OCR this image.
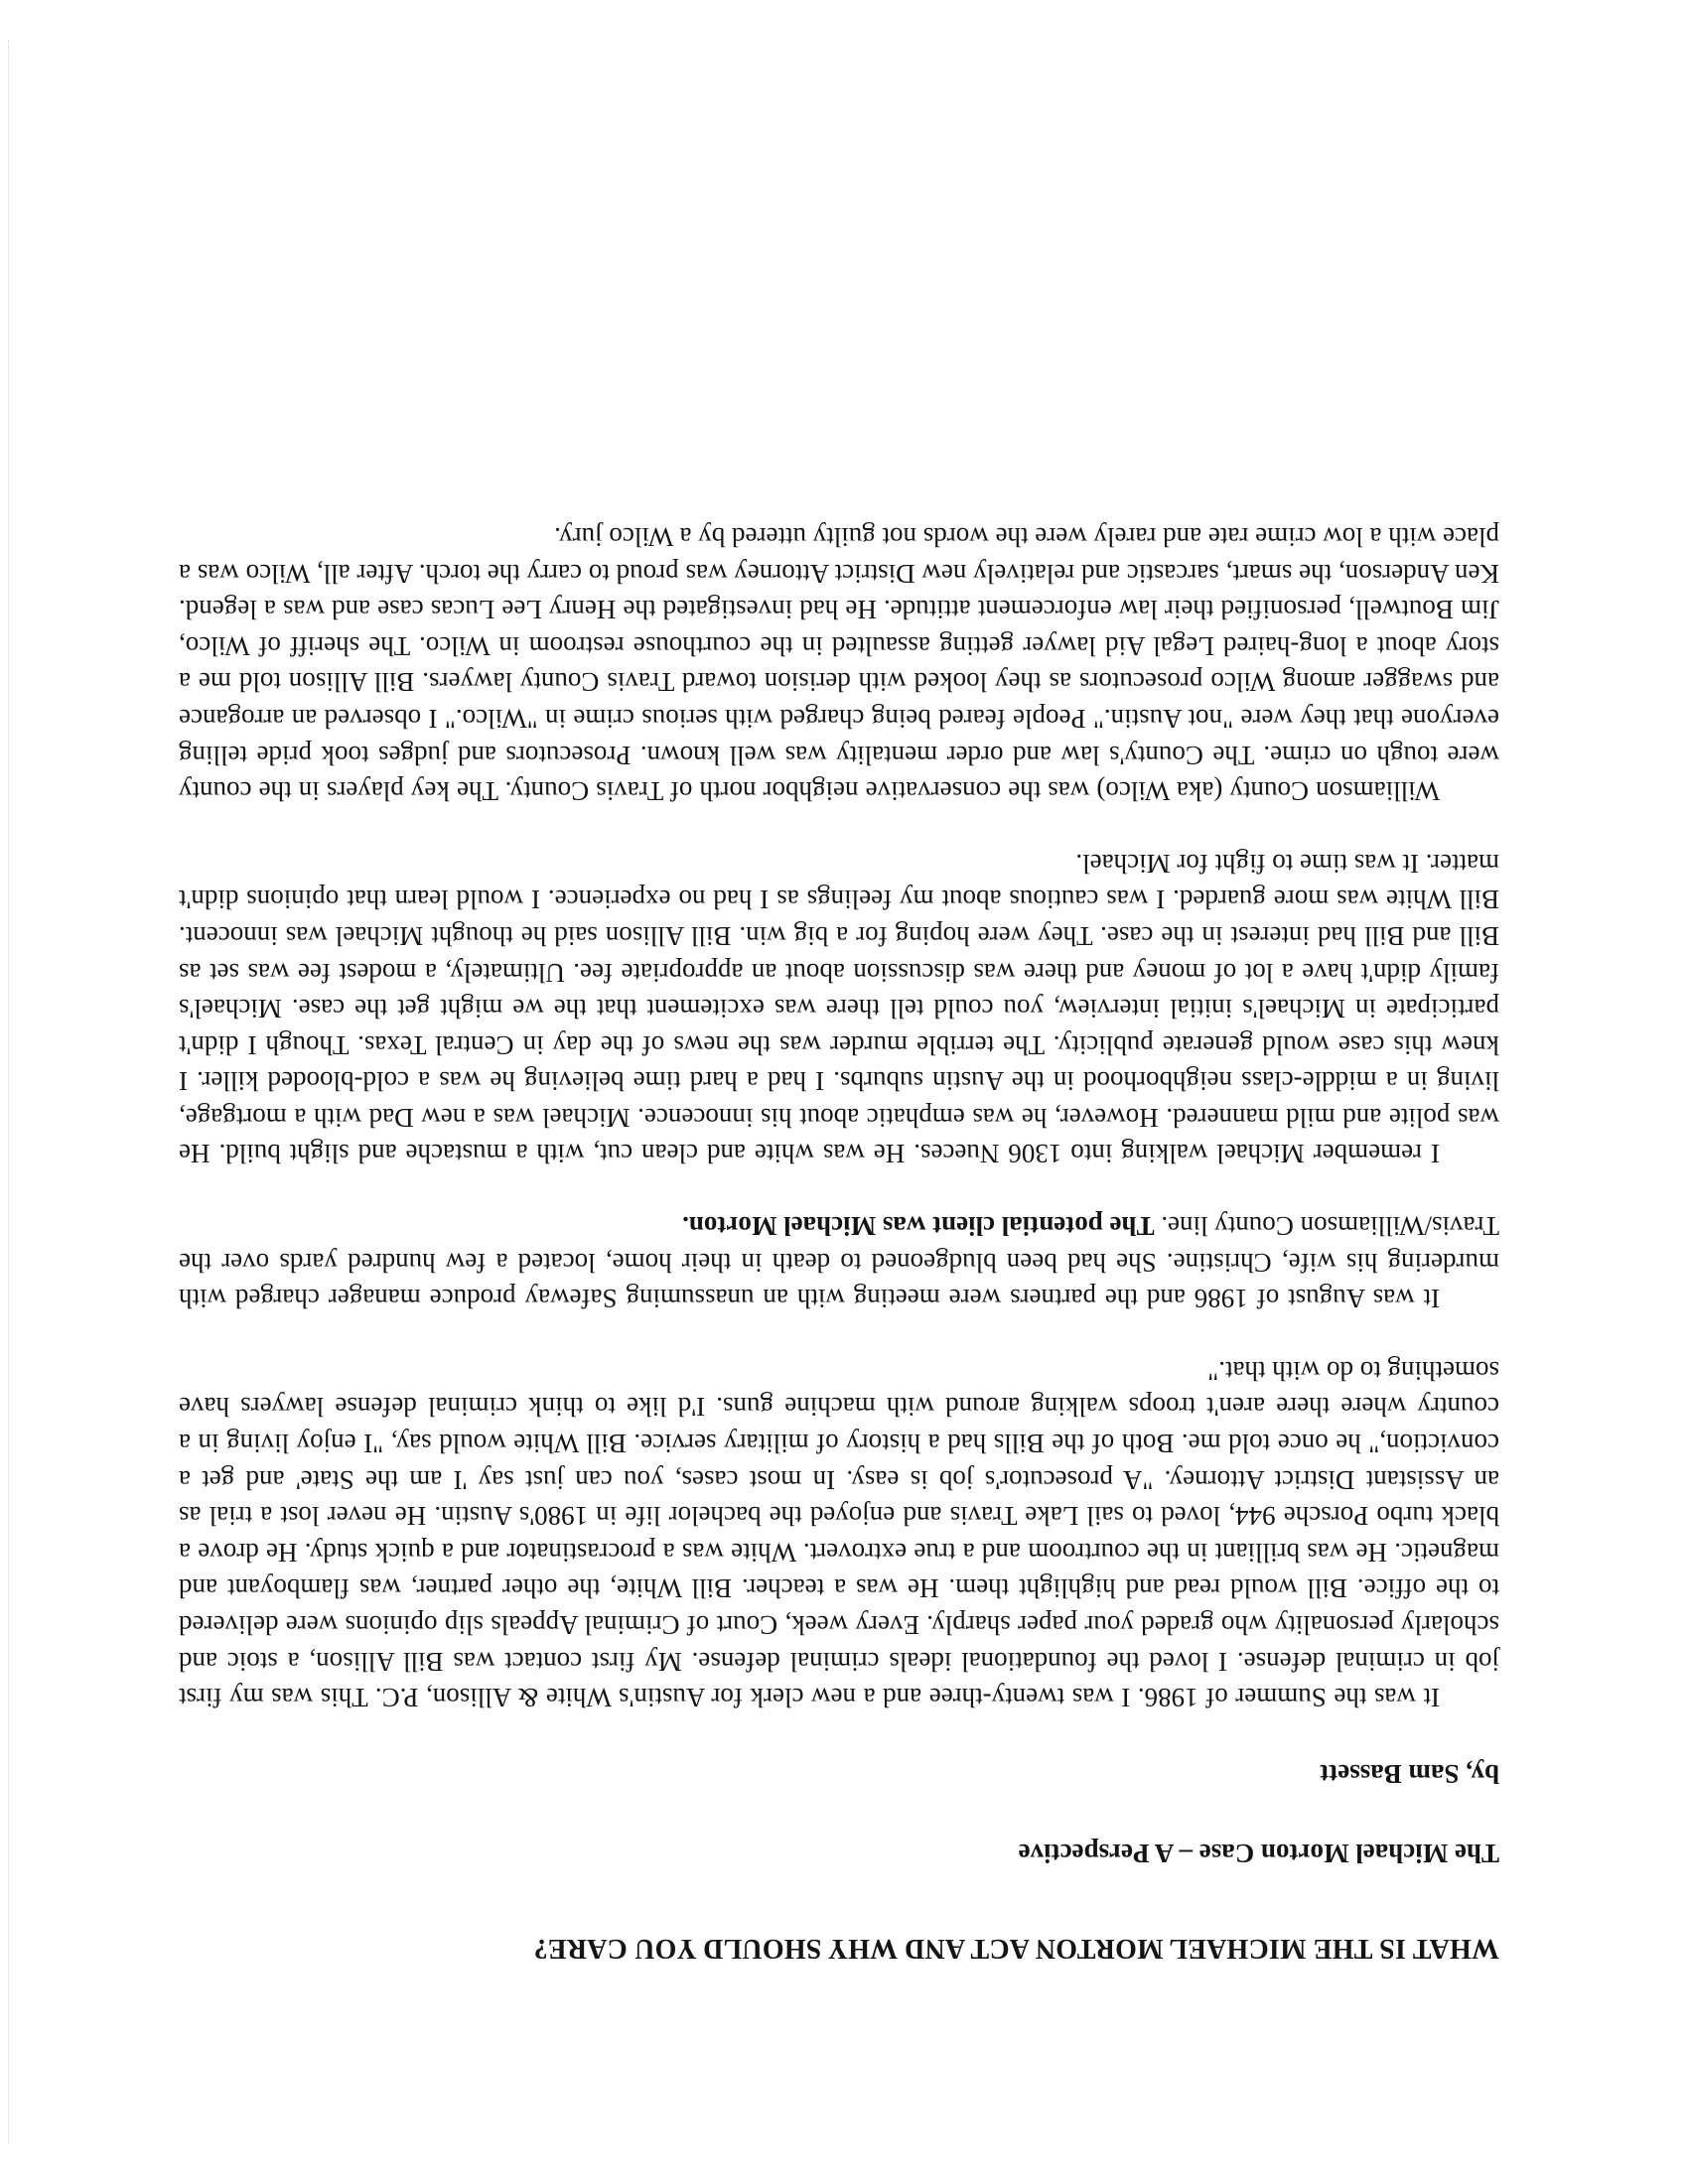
WHAT IS THE MICHAEL MORTON ACT AND WHY SHOULD YOU CARE?
The Michael Morton Case – A Perspective
by, Sam Bassett

It was the Summer of 1986. I was twenty-three and a new clerk for Austin's White & Allison, P.C. This was my first job in criminal defense. I loved the foundational ideals criminal defense. My first contact was Bill Allison, a stoic and scholarly personality who graded your paper sharply. Every week, Court of Criminal Appeals slip opinions were delivered to the office. Bill would read and highlight them. He was a teacher. Bill White, the other partner, was flamboyant and magnetic. He was brilliant in the courtroom and a true extrovert. White was a procrastinator and a quick study. He drove a black turbo Porsche 944, loved to sail Lake Travis and enjoyed the bachelor life in 1980's Austin. He never lost a trial as an Assistant District Attorney. "A prosecutor's job is easy. In most cases, you can just say 'I am the State' and get a conviction," he once told me. Both of the Bills had a history of military service. Bill White would say, "I enjoy living in a country where there aren't troops walking around with machine guns. I'd like to think criminal defense lawyers have something to do with that."

It was August of 1986 and the partners were meeting with an unassuming Safeway produce manager charged with murdering his wife, Christine. She had been bludgeoned to death in their home, located a few hundred yards over the Travis/Williamson County line. The potential client was Michael Morton.

I remember Michael walking into 1306 Nueces. He was white and clean cut, with a mustache and slight build. He was polite and mild mannered. However, he was emphatic about his innocence. Michael was a new Dad with a mortgage, living in a middle-class neighborhood in the Austin suburbs. I had a hard time believing he was a cold-blooded killer. I knew this case would generate publicity. The terrible murder was the news of the day in Central Texas. Though I didn't participate in Michael's initial interview, you could tell there was excitement that the we might get the case. Michael's family didn't have a lot of money and there was discussion about an appropriate fee. Ultimately, a modest fee was set as Bill and Bill had interest in the case. They were hoping for a big win. Bill Allison said he thought Michael was innocent. Bill White was more guarded. I was cautious about my feelings as I had no experience. I would learn that opinions didn't matter. It was time to fight for Michael.

Williamson County (aka Wilco) was the conservative neighbor north of Travis County. The key players in the county were tough on crime. The County's law and order mentality was well known. Prosecutors and judges took pride telling everyone that they were "not Austin." People feared being charged with serious crime in "Wilco." I observed an arrogance and swagger among Wilco prosecutors as they looked with derision toward Travis County lawyers. Bill Allison told me a story about a long-haired Legal Aid lawyer getting assaulted in the courthouse restroom in Wilco. The sheriff of Wilco, Jim Boutwell, personified their law enforcement attitude. He had investigated the Henry Lee Lucas case and was a legend. Ken Anderson, the smart, sarcastic and relatively new District Attorney was proud to carry the torch. After all, Wilco was a place with a low crime rate and rarely were the words not guilty uttered by a Wilco jury.
